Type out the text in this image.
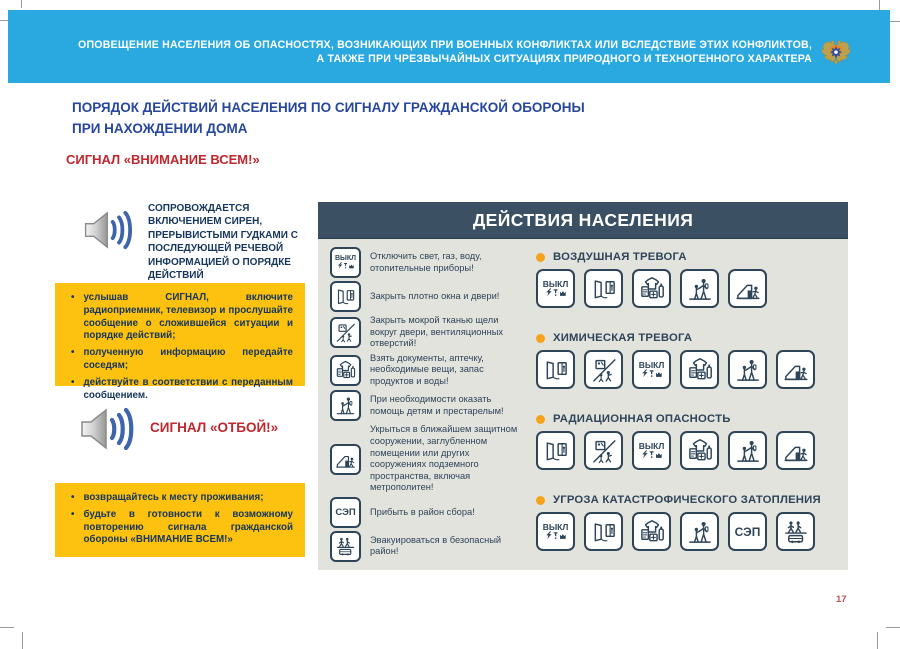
ОПОВЕЩЕНИЕ НАСЕЛЕНИЯ ОБ ОПАСНОСТЯХ, ВОЗНИКАЮЩИХ ПРИ ВОЕННЫХ КОНФЛИКТАХ ИЛИ ВСЛЕДСТВИЕ ЭТИХ КОНФЛИКТОВ,
А ТАКЖЕ ПРИ ЧРЕЗВЫЧАЙНЫХ СИТУАЦИЯХ ПРИРОДНОГО И ТЕХНОГЕННОГО ХАРАКТЕРА
ПОРЯДОК ДЕЙСТВИЙ НАСЕЛЕНИЯ ПО СИГНАЛУ ГРАЖДАНСКОЙ ОБОРОНЫ
ПРИ НАХОЖДЕНИИ ДОМА
СИГНАЛ «ВНИМАНИЕ ВСЕМ!»
СОПРОВОЖДАЕТСЯ ВКЛЮЧЕНИЕМ СИРЕН, ПРЕРЫВИСТЫМИ ГУДКАМИ С ПОСЛЕДУЮЩЕЙ РЕЧЕВОЙ ИНФОРМАЦИЕЙ О ПОРЯДКЕ ДЕЙСТВИЙ
• услышав СИГНАЛ, включите радиоприемник, телевизор и прослушайте сообщение о сложившейся ситуации и порядке действий;
• полученную информацию передайте соседям;
• действуйте в соответствии с переданным сообщением.
СИГНАЛ «ОТБОЙ!»
• возвращайтесь к месту проживания;
• будьте в готовности к возможному повторению сигнала гражданской обороны «ВНИМАНИЕ ВСЕМ!»
ДЕЙСТВИЯ НАСЕЛЕНИЯ
ВЫКЛ Отключить свет, газ, воду, отопительные приборы!
Закрыть плотно окна и двери!
Закрыть мокрой тканью щели вокруг двери, вентиляционных отверстий!
Взять документы, аптечку, необходимые вещи, запас продуктов и воды!
При необходимости оказать помощь детям и престарелым!
Укрыться в ближайшем защитном сооружении, заглубленном помещении или других сооружениях подземного пространства, включая метрополитен!
СЭП Прибыть в район сбора!
Эвакуироваться в безопасный район!
ВОЗДУШНАЯ ТРЕВОГА
ВЫКЛ
ХИМИЧЕСКАЯ ТРЕВОГА
ВЫКЛ
РАДИАЦИОННАЯ ОПАСНОСТЬ
ВЫКЛ
УГРОЗА КАТАСТРОФИЧЕСКОГО ЗАТОПЛЕНИЯ
ВЫКЛ	СЭП
17
